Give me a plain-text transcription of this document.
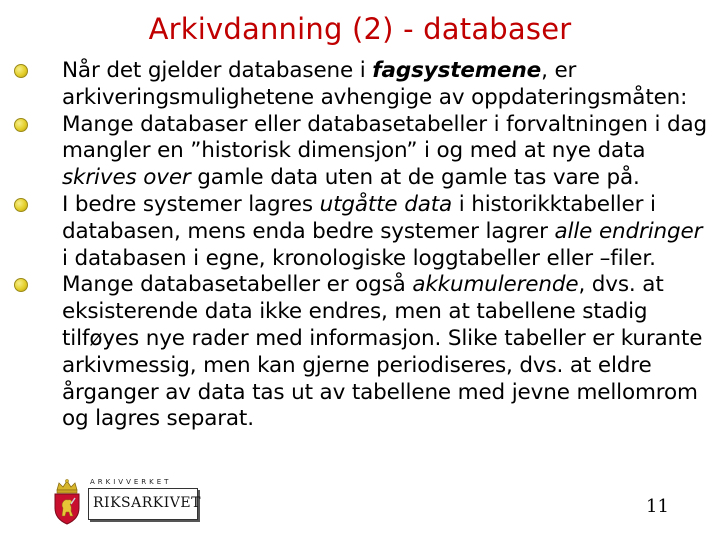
Arkivdanning (2) - databaser
Når det gjelder databasene i fagsystemene, er arkiveringsmulighetene avhengige av oppdateringsmåten:
Mange databaser eller databasetabeller i forvaltningen i dag mangler en ”historisk dimensjon” i og med at nye data skrives over gamle data uten at de gamle tas vare på.
I bedre systemer lagres utgåtte data i historikktabeller i databasen, mens enda bedre systemer lagrer alle endringer i databasen i egne, kronologiske loggtabeller eller –filer.
Mange databasetabeller er også akkumulerende, dvs. at eksisterende data ikke endres, men at tabellene stadig tilføyes nye rader med informasjon. Slike tabeller er kurante arkivmessig, men kan gjerne periodiseres, dvs. at eldre årganger av data tas ut av tabellene med jevne mellomrom og lagres separat.
ARKIVVERKET
RIKSARKIVET	11
